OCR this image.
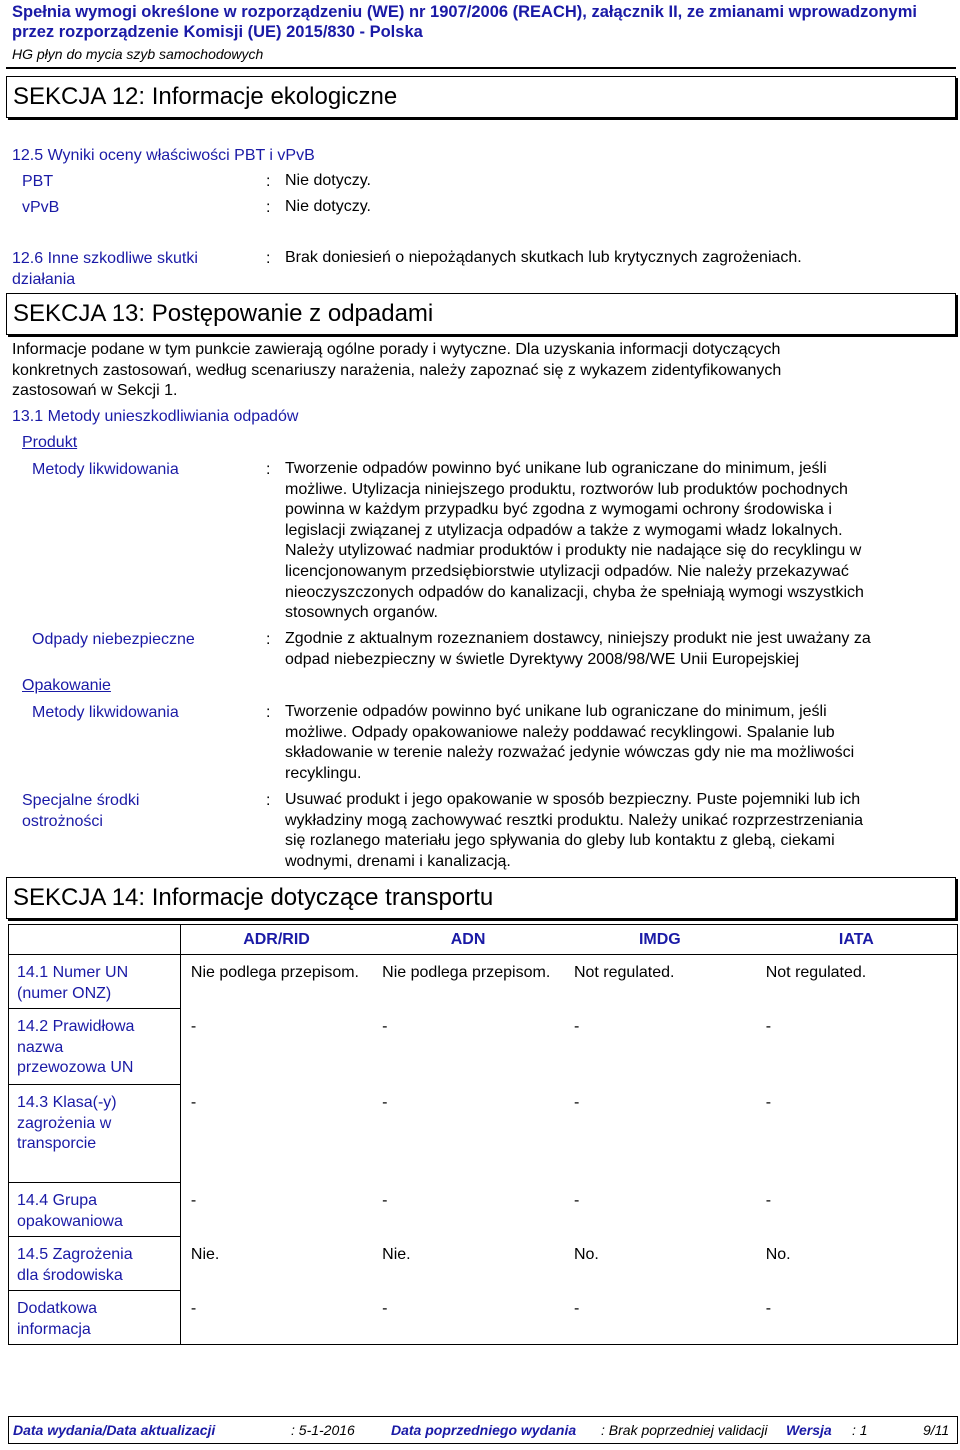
Spełnia wymogi określone w rozporządzeniu (WE) nr 1907/2006 (REACH), załącznik II, ze zmianami wprowadzonymi przez rozporządzenie Komisji (UE) 2015/830 - Polska
HG płyn do mycia szyb samochodowych
SEKCJA 12: Informacje ekologiczne
12.5 Wyniki oceny właściwości PBT i vPvB
PBT	: Nie dotyczy.
vPvB	: Nie dotyczy.
12.6 Inne szkodliwe skutki
działania
: Brak doniesień o niepożądanych skutkach lub krytycznych zagrożeniach.
SEKCJA 13: Postępowanie z odpadami
Informacje podane w tym punkcie zawierają ogólne porady i wytyczne. Dla uzyskania informacji dotyczących
konkretnych zastosowań, według scenariuszy narażenia, należy zapoznać się z wykazem zidentyfikowanych
zastosowań w Sekcji 1.
13.1 Metody unieszkodliwiania odpadów
Produkt
Metody likwidowania	: Tworzenie odpadów powinno być unikane lub ograniczane do minimum, jeśli
możliwe. Utylizacja niniejszego produktu, roztworów lub produktów pochodnych
powinna w każdym przypadku być zgodna z wymogami ochrony środowiska i
legislacji związanej z utylizacja odpadów a także z wymogami władz lokalnych.
Należy utylizować nadmiar produktów i produkty nie nadające się do recyklingu w
licencjonowanym przedsiębiorstwie utylizacji odpadów. Nie należy przekazywać
nieoczyszczonych odpadów do kanalizacji, chyba że spełniają wymogi wszystkich
stosownych organów.
Odpady niebezpieczne	: Zgodnie z aktualnym rozeznaniem dostawcy, niniejszy produkt nie jest uważany za
odpad niebezpieczny w świetle Dyrektywy 2008/98/WE Unii Europejskiej
Opakowanie
Metody likwidowania	: Tworzenie odpadów powinno być unikane lub ograniczane do minimum, jeśli
możliwe. Odpady opakowaniowe należy poddawać recyklingowi. Spalanie lub
składowanie w terenie należy rozważać jedynie wówczas gdy nie ma możliwości
recyklingu.
Specjalne środki
ostrożności
: Usuwać produkt i jego opakowanie w sposób bezpieczny. Puste pojemniki lub ich
wykładziny mogą zachowywać resztki produktu. Należy unikać rozprzestrzeniania
się rozlanego materiału jego spływania do gleby lub kontaktu z glebą, ciekami
wodnymi, drenami i kanalizacją.
SEKCJA 14: Informacje dotyczące transportu
	ADR/RID	ADN	IMDG	IATA

14.1 Numer UN
(numer ONZ)	Nie podlega przepisom.	Nie podlega przepisom.	Not regulated.	Not regulated.

14.2 Prawidłowa
nazwa
przewozowa UN	-	-	-	-

14.3 Klasa(-y)
zagrożenia w
transporcie	-	-	-	-

14.4 Grupa
opakowaniowa	-	-	-	-

14.5 Zagrożenia
dla środowiska	Nie.	Nie.	No.	No.

Dodatkowa
informacja	-	-	-	-
Data wydania/Data aktualizacji	: 5-1-2016	Data poprzedniego wydania : Brak poprzedniej validacji Wersja : 1	9/11
